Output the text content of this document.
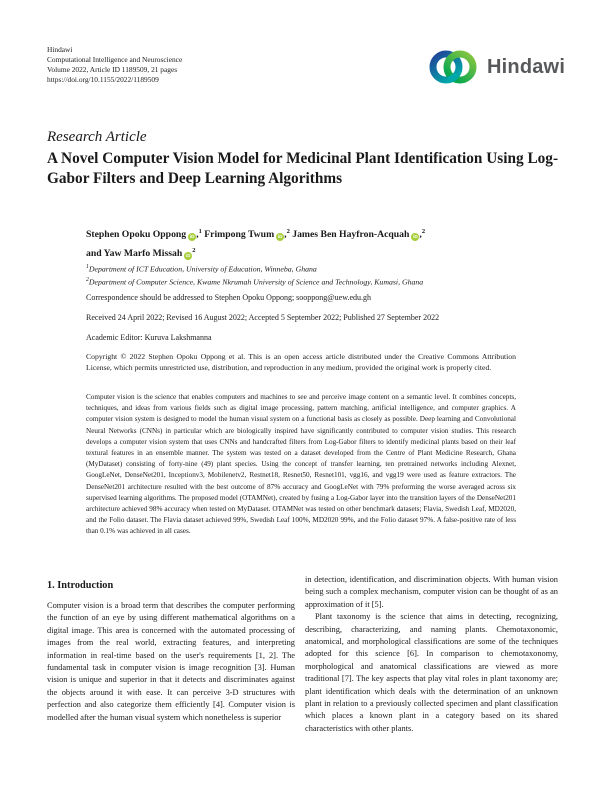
Hindawi
Computational Intelligence and Neuroscience
Volume 2022, Article ID 1189509, 21 pages
https://doi.org/10.1155/2022/1189509
Hindawi
Research Article
A Novel Computer Vision Model for Medicinal Plant Identification Using Log-Gabor Filters and Deep Learning Algorithms
Stephen Opoku Oppong iD ,$^1$ Frimpong Twum iD ,$^2$ James Ben Hayfron-Acquah iD ,$^2$
and Yaw Marfo Missah $iD^2$
$^1$Department of ICT Education, University of Education, Winneba, Ghana
$^2$Department of Computer Science, Kwame Nkrumah University of Science and Technology, Kumasi, Ghana
Correspondence should be addressed to Stephen Opoku Oppong; sooppong@uew.edu.gh
Received 24 April 2022; Revised 16 August 2022; Accepted 5 September 2022; Published 27 September 2022
Academic Editor: Kuruva Lakshmanna
Copyright © 2022 Stephen Opoku Oppong et al. This is an open access article distributed under the Creative Commons Attribution License, which permits unrestricted use, distribution, and reproduction in any medium, provided the original work is properly cited.
Computer vision is the science that enables computers and machines to see and perceive image content on a semantic level. It combines concepts, techniques, and ideas from various fields such as digital image processing, pattern matching, artificial intelligence, and computer graphics. A computer vision system is designed to model the human visual system on a functional basis as closely as possible. Deep learning and Convolutional Neural Networks (CNNs) in particular which are biologically inspired have significantly contributed to computer vision studies. This research develops a computer vision system that uses CNNs and handcrafted filters from Log-Gabor filters to identify medicinal plants based on their leaf textural features in an ensemble manner. The system was tested on a dataset developed from the Centre of Plant Medicine Research, Ghana (MyDataset) consisting of forty-nine (49) plant species. Using the concept of transfer learning, ten pretrained networks including Alexnet, GoogLeNet, DenseNet201, Inceptionv3, Mobilenetv2, Restnet18, Resnet50, Resnet101, vgg16, and vgg19 were used as feature extractors. The DenseNet201 architecture resulted with the best outcome of 87% accuracy and GoogLeNet with 79% preforming the worse averaged across six supervised learning algorithms. The proposed model (OTAMNet), created by fusing a Log-Gabor layer into the transition layers of the DenseNet201 architecture achieved 98% accuracy when tested on MyDataset. OTAMNet was tested on other benchmark datasets; Flavia, Swedish Leaf, MD2020, and the Folio dataset. The Flavia dataset achieved 99%, Swedish Leaf 100%, MD2020 99%, and the Folio dataset 97%. A false-positive rate of less than 0.1% was achieved in all cases.
1. Introduction

Computer vision is a broad term that describes the computer performing the function of an eye by using different mathematical algorithms on a digital image. This area is concerned with the automated processing of images from the real world, extracting features, and interpreting information in real-time based on the user's requirements [1, 2]. The fundamental task in computer vision is image recognition [3]. Human vision is unique and superior in that it detects and discriminates against the objects around it with ease. It can perceive 3-D structures with perfection and also categorize them efficiently [4]. Computer vision is modelled after the human visual system which nonetheless is superior

in detection, identification, and discrimination objects. With human vision being such a complex mechanism, computer vision can be thought of as an approximation of it [5].

Plant taxonomy is the science that aims in detecting, recognizing, describing, characterizing, and naming plants. Chemotaxonomic, anatomical, and morphological classifications are some of the techniques adopted for this science [6]. In comparison to chemotaxonomy, morphological and anatomical classifications are viewed as more traditional [7]. The key aspects that play vital roles in plant taxonomy are; plant identification which deals with the determination of an unknown plant in relation to a previously collected specimen and plant classification which places a known plant in a category based on its shared characteristics with other plants.
